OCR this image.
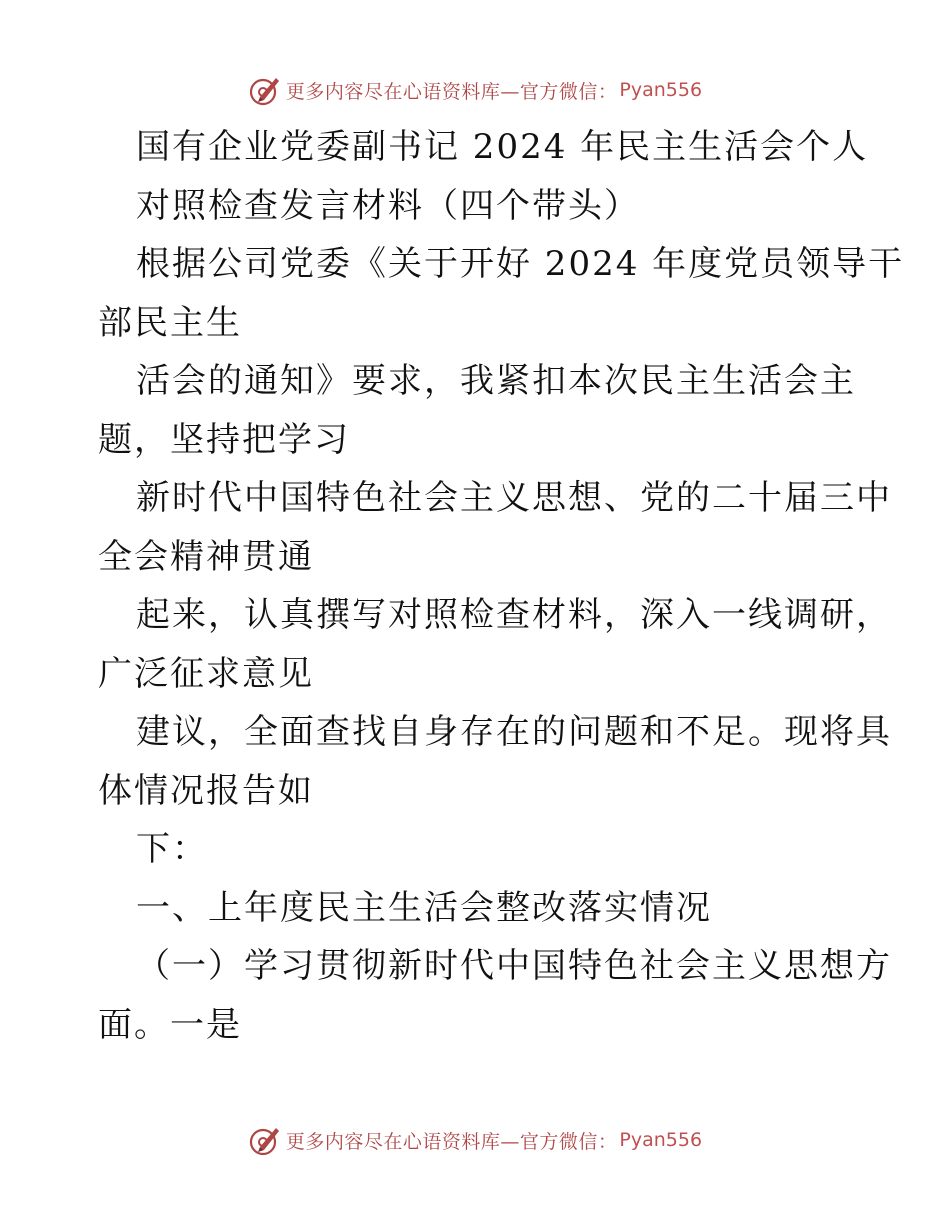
更多内容尽在心语资料库—官方微信： Pyan556
国有企业党委副书记 2024 年民主生活会个人
对照检查发言材料（四个带头）
根据公司党委《关于开好 2024 年度党员领导干
部民主生
活会的通知》要求，我紧扣本次民主生活会主
题，坚持把学习
新时代中国特色社会主义思想、党的二十届三中
全会精神贯通
起来，认真撰写对照检查材料，深入一线调研，
广泛征求意见
建议，全面查找自身存在的问题和不足。现将具
体情况报告如
下：
一、上年度民主生活会整改落实情况
（一）学习贯彻新时代中国特色社会主义思想方
面。一是
更多内容尽在心语资料库—官方微信： Pyan556
